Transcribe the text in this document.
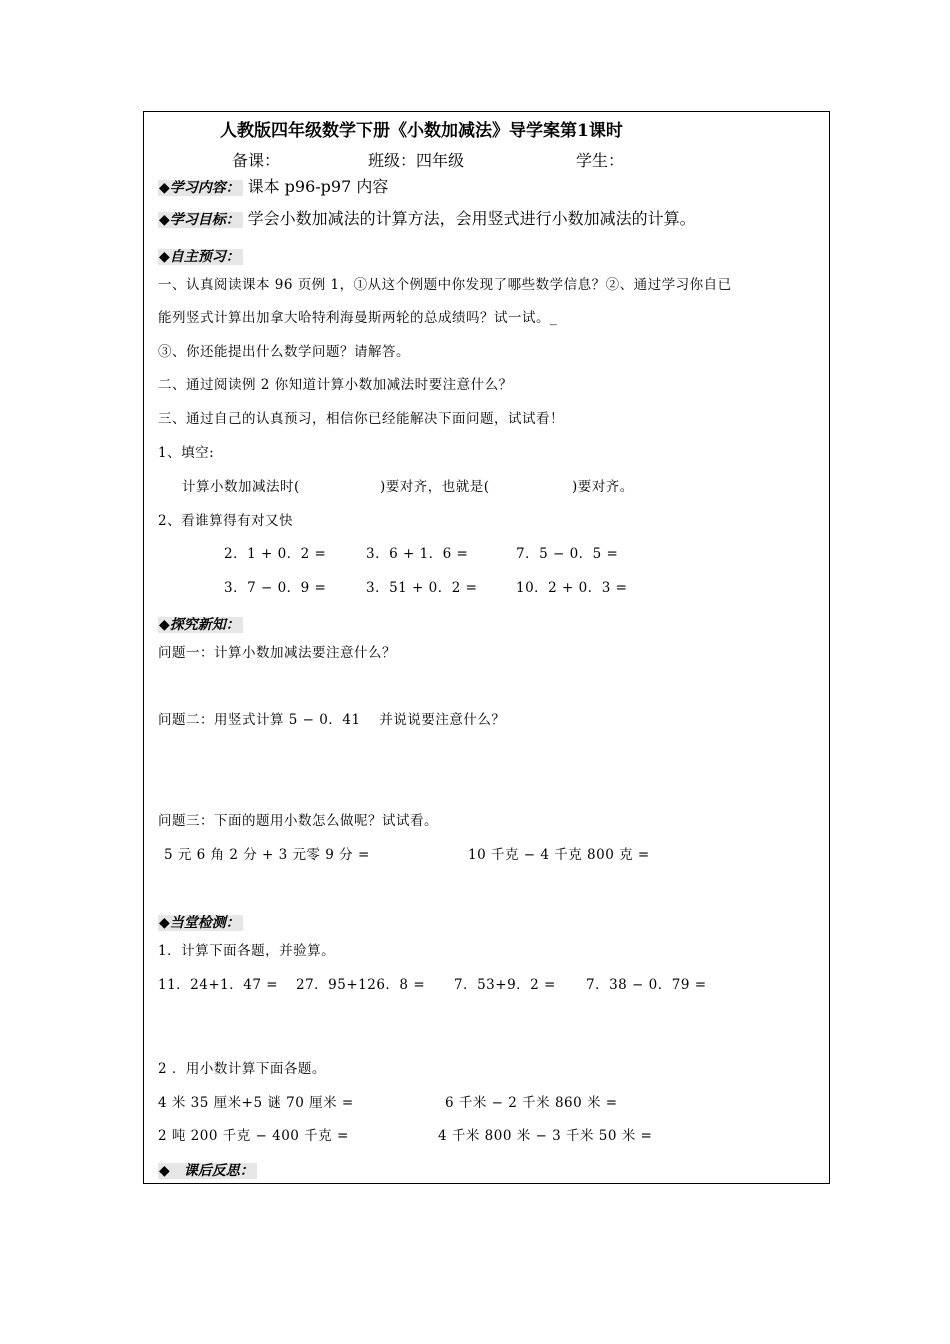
人教版四年级数学下册《小数加减法》导学案第1课时
备课：	班级：四年级	学生：
◆学习内容： 课本 p96-p97 内容
◆学习目标： 学会小数加减法的计算方法，会用竖式进行小数加减法的计算。
◆自主预习：
一、认真阅读课本 96 页例 1，①从这个例题中你发现了哪些数学信息？②、通过学习你自已
能列竖式计算出加拿大哈特利海曼斯两轮的总成绩吗？试一试。_
③、你还能提出什么数学问题？请解答。
二、通过阅读例 2 你知道计算小数加减法时要注意什么？
三、通过自己的认真预习，相信你已经能解决下面问题，试试看！
1、填空:
计算小数加减法时(	)要对齐，也就是(	)要对齐。
2、看谁算得有对又快
2．1 + 0．2 =	3．6 + 1．6 =	7．5 − 0．5 =
3．7 − 0．9 =	3．51 + 0．2 =	10．2 + 0．3 =
◆探究新知：
问题一：计算小数加减法要注意什么？
问题二：用竖式计算 5 − 0．41　 并说说要注意什么？
问题三：下面的题用小数怎么做呢？试试看。
5 元 6 角 2 分 + 3 元零 9 分 =	10 千克 − 4 千克 800 克 =
◆当堂检测：
1．计算下面各题，并验算。
11．24+1．47 = 27．95+126．8 = 7．53+9．2 = 7．38 − 0．79 =
2 ．用小数计算下面各题。
4 米 35 厘米+5 谜 70 厘米 =	6 千米 − 2 千米 860 米 =
2 吨 200 千克 − 400 千克 =	4 千米 800 米 − 3 千米 50 米 =
◆　课后反思：
